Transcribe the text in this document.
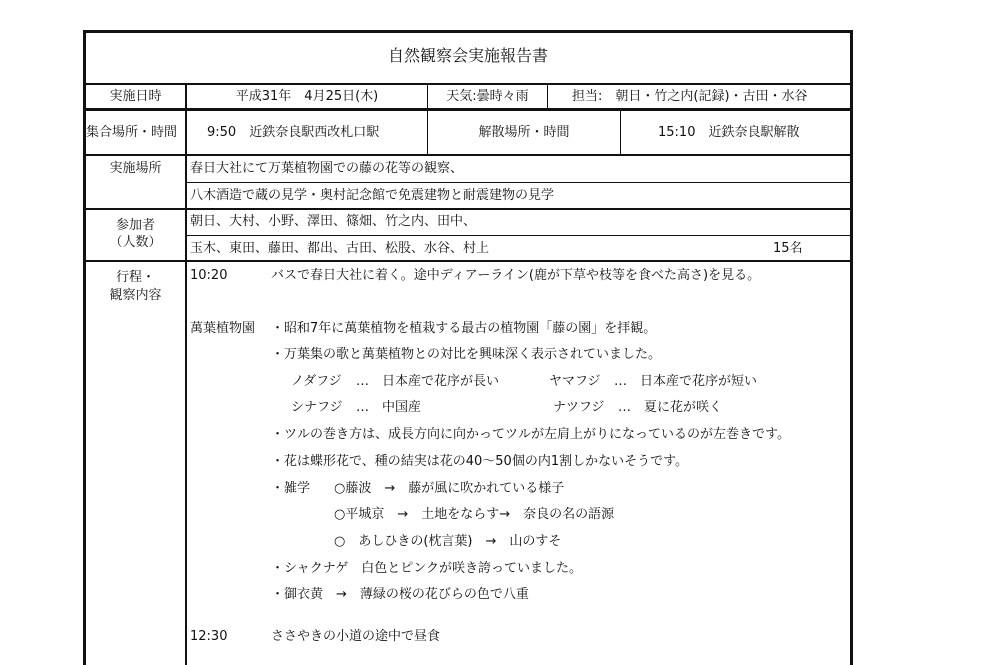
自然観察会実施報告書
実施日時	平成31年　4月25日(木)	天気:曇時々雨	担当:　朝日・竹之内(記録)・古田・水谷
集合場所・時間 9:50　近鉄奈良駅西改札口駅	解散場所・時間	15:10　近鉄奈良駅解散
実施場所	春日大社にて万葉植物園での藤の花等の観察、
八木酒造で蔵の見学・奥村記念館で免震建物と耐震建物の見学
参加者
（人数）
朝日、大村、小野、澤田、篠畑、竹之内、田中、
玉木、東田、藤田、都出、古田、松股、水谷、村上	15名
行程・
観察内容
10:20	バスで春日大社に着く。途中ディアーライン(鹿が下草や枝等を食べた高さ)を見る。
萬葉植物園 ・昭和7年に萬葉植物を植栽する最古の植物園「藤の園」を拝観。
・万葉集の歌と萬葉植物との対比を興味深く表示されていました。
ノダフジ …　日本産で花序が長い	ヤマフジ …　日本産で花序が短い
シナフジ …　中国産	ナツフジ …　夏に花が咲く
・ツルの巻き方は、成長方向に向かってツルが左肩上がりになっているのが左巻きです。
・花は蝶形花で、種の結実は花の40～50個の内1割しかないそうです。
・雑学 ○藤波　→　藤が風に吹かれている様子
○平城京　→　土地をならす→　奈良の名の語源
○　あしひきの(枕言葉)　→　山のすそ
・シャクナゲ　白色とピンクが咲き誇っていました。
・御衣黄　→　薄緑の桜の花びらの色で八重
12:30	ささやきの小道の途中で昼食
